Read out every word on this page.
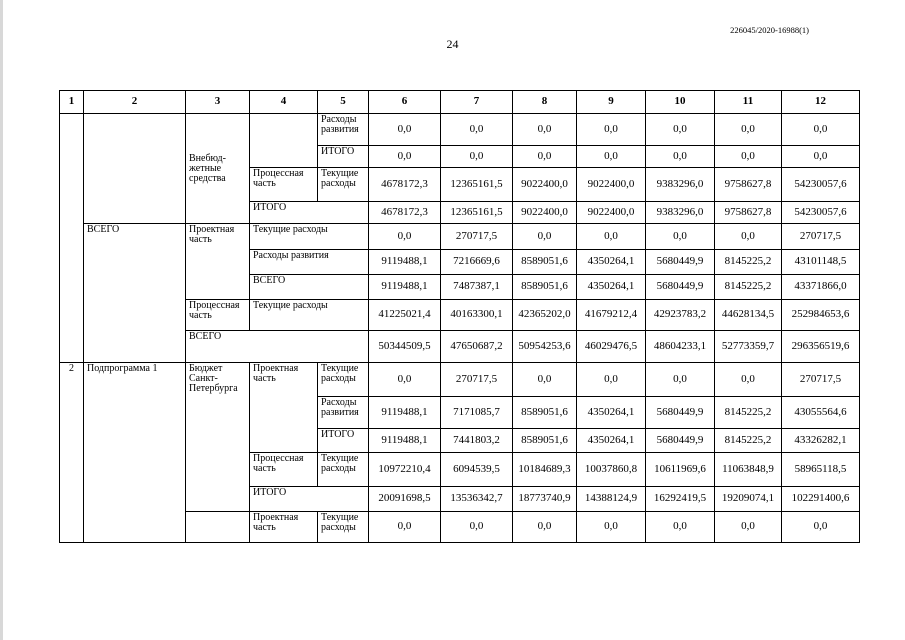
226045/2020-16988(1)
24
1	2	3	4	5	6	7	8	9	10	11	12
		Внебюд-жетные средства		Расходы развития	0,0	0,0	0,0	0,0	0,0	0,0	0,0
				ИТОГО	0,0	0,0	0,0	0,0	0,0	0,0	0,0
			Процессная часть	Текущие расходы	4678172,3	12365161,5	9022400,0	9022400,0	9383296,0	9758627,8	54230057,6
			ИТОГО		4678172,3	12365161,5	9022400,0	9022400,0	9383296,0	9758627,8	54230057,6
	ВСЕГО	Проектная часть	Текущие расходы		0,0	270717,5	0,0	0,0	0,0	0,0	270717,5
			Расходы развития		9119488,1	7216669,6	8589051,6	4350264,1	5680449,9	8145225,2	43101148,5
			ВСЕГО		9119488,1	7487387,1	8589051,6	4350264,1	5680449,9	8145225,2	43371866,0
		Процессная часть	Текущие расходы		41225021,4	40163300,1	42365202,0	41679212,4	42923783,2	44628134,5	252984653,6
		ВСЕГО			50344509,5	47650687,2	50954253,6	46029476,5	48604233,1	52773359,7	296356519,6
2	Подпрограмма 1	Бюджет Санкт-Петербурга	Проектная часть	Текущие расходы	0,0	270717,5	0,0	0,0	0,0	0,0	270717,5
				Расходы развития	9119488,1	7171085,7	8589051,6	4350264,1	5680449,9	8145225,2	43055564,6
				ИТОГО	9119488,1	7441803,2	8589051,6	4350264,1	5680449,9	8145225,2	43326282,1
			Процессная часть	Текущие расходы	10972210,4	6094539,5	10184689,3	10037860,8	10611969,6	11063848,9	58965118,5
			ИТОГО		20091698,5	13536342,7	18773740,9	14388124,9	16292419,5	19209074,1	102291400,6
			Проектная часть	Текущие расходы	0,0	0,0	0,0	0,0	0,0	0,0	0,0
